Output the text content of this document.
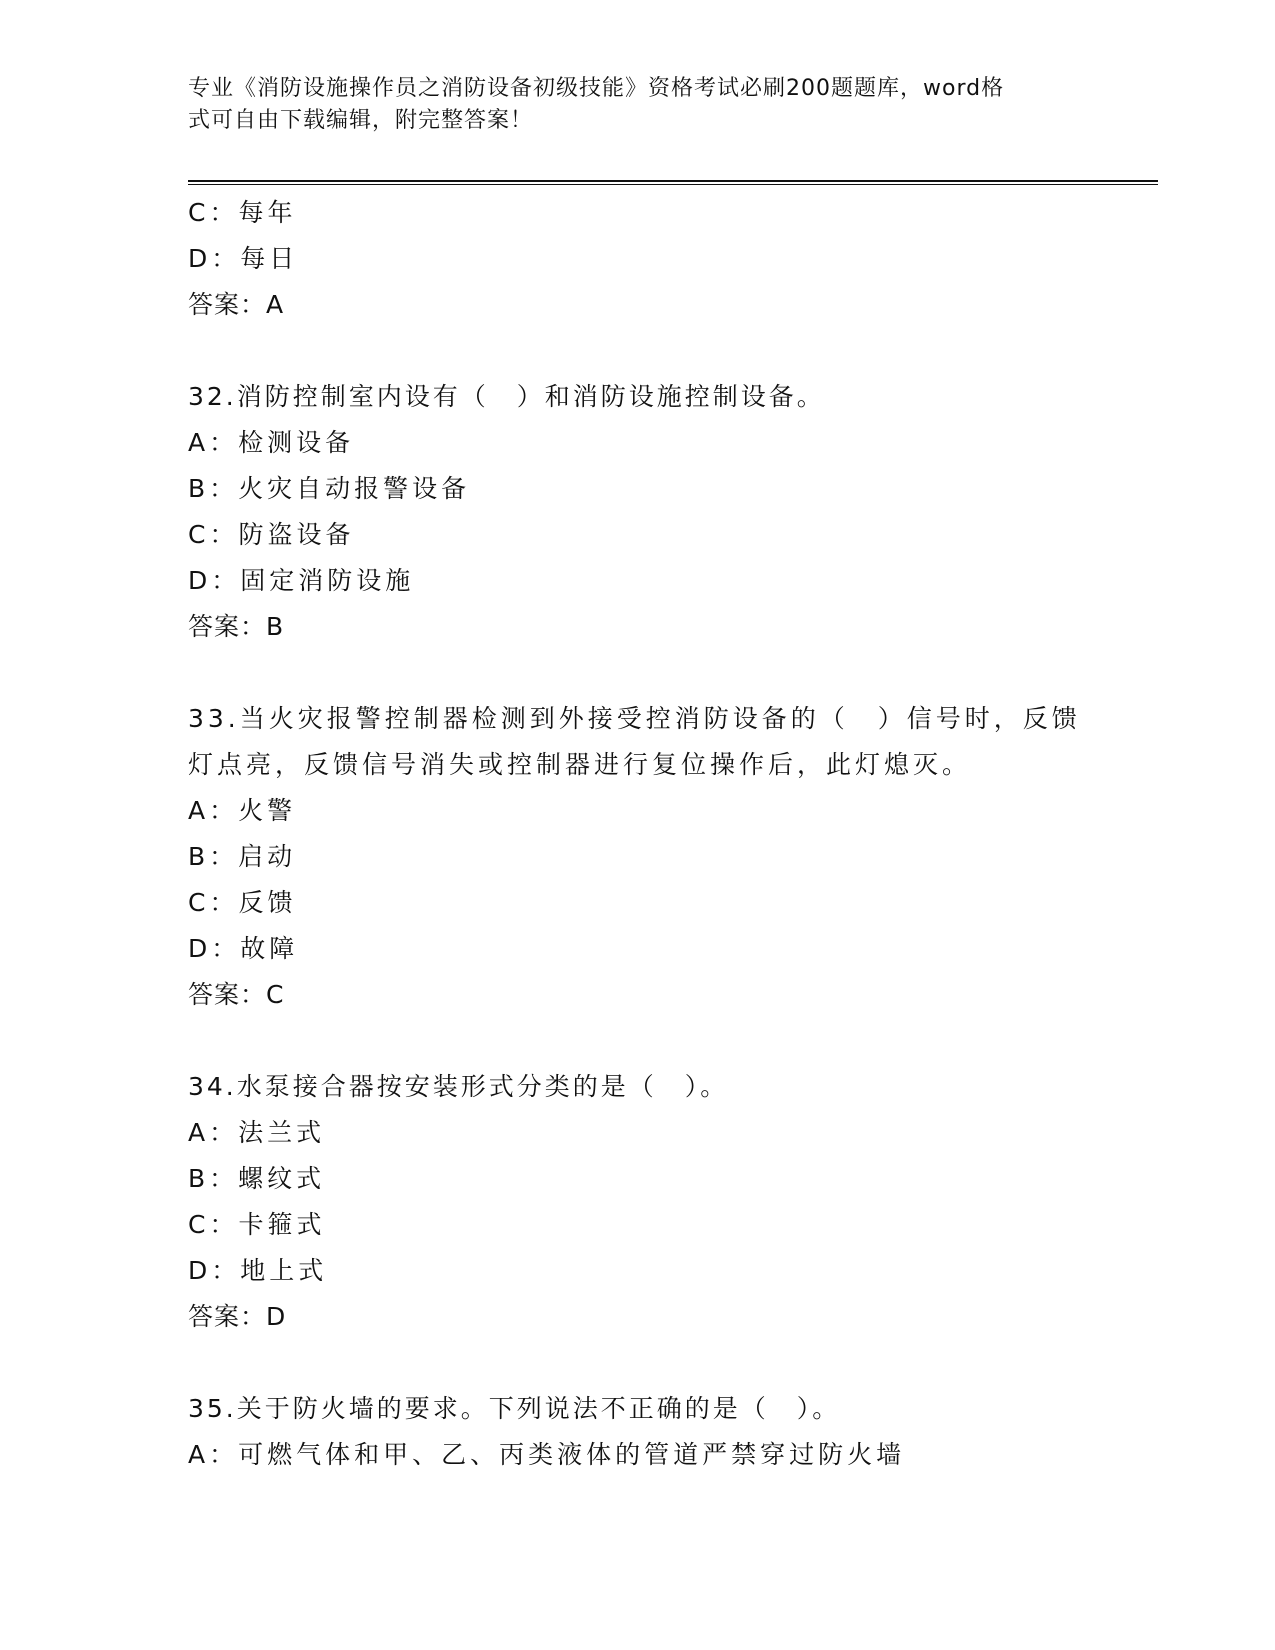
专业《消防设施操作员之消防设备初级技能》资格考试必刷200题题库，word格
式可自由下载编辑，附完整答案！
C：每年
D：每日
答案：A
32.消防控制室内设有（　）和消防设施控制设备。
A：检测设备
B：火灾自动报警设备
C：防盗设备
D：固定消防设施
答案：B
33.当火灾报警控制器检测到外接受控消防设备的（　）信号时，反馈
灯点亮，反馈信号消失或控制器进行复位操作后，此灯熄灭。
A：火警
B：启动
C：反馈
D：故障
答案：C
34.水泵接合器按安装形式分类的是（　）。
A：法兰式
B：螺纹式
C：卡箍式
D：地上式
答案：D
35.关于防火墙的要求。下列说法不正确的是（　）。
A：可燃气体和甲、乙、丙类液体的管道严禁穿过防火墙
